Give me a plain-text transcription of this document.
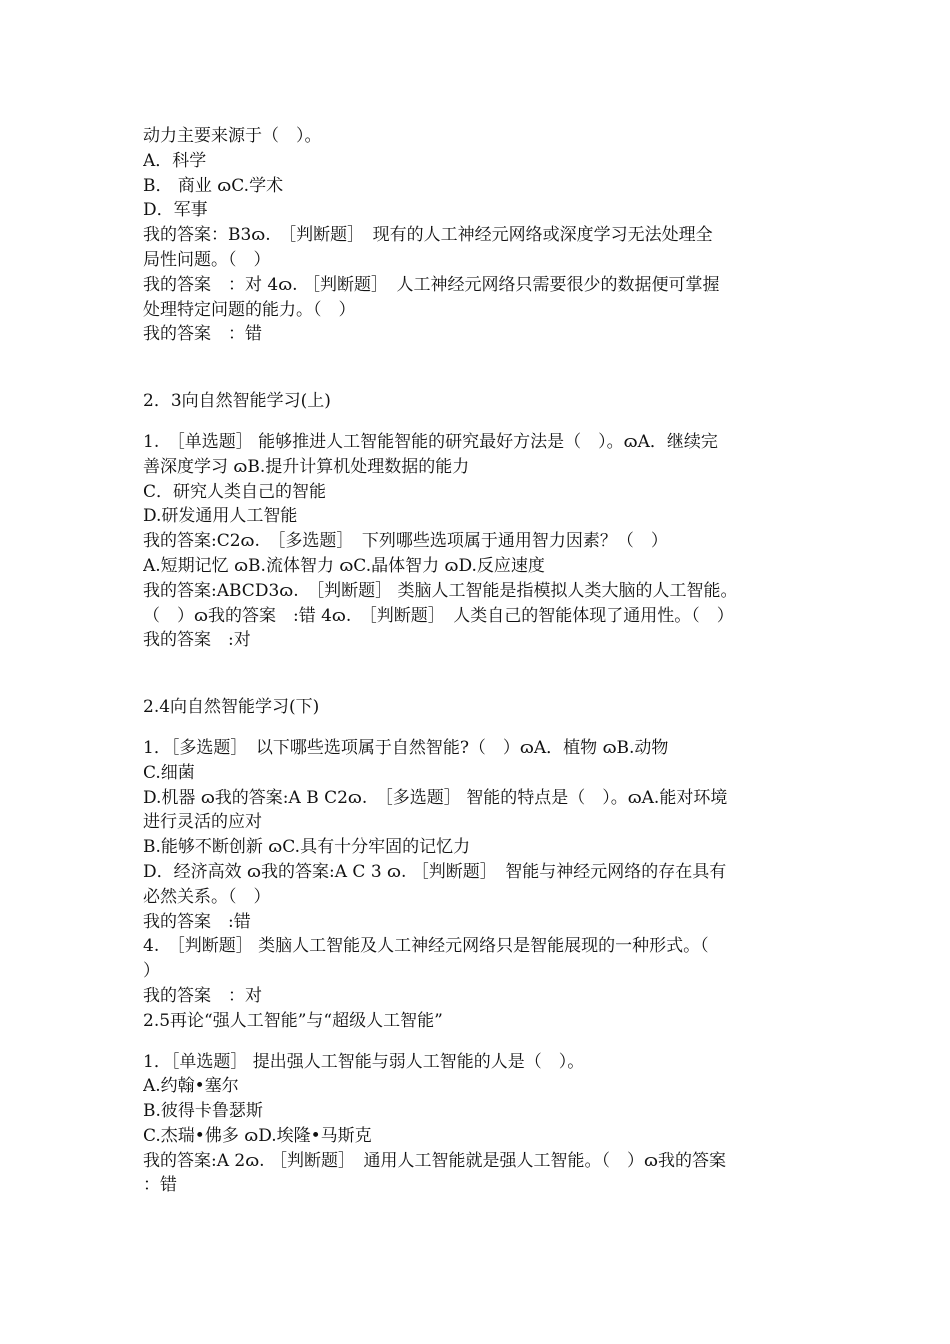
动力主要来源于（　）。
A．科学
B． 商业 ɷC.学术
D．军事
我的答案：B3ɷ.　［判断题］　现有的人工神经元网络或深度学习无法处理全
局性问题。（　）
我的答案　：对 4ɷ. ［判断题］　人工神经元网络只需要很少的数据便可掌握
处理特定问题的能力。（　）
我的答案　：错
2．3向自然智能学习(上)
1.　［单选题］ 能够推进人工智能智能的研究最好方法是（　）。ɷA．继续完
善深度学习 ɷB.提升计算机处理数据的能力
C．研究人类自己的智能
D.研发通用人工智能
我的答案:C2ɷ.　［多选题］　下列哪些选项属于通用智力因素？（　）
A.短期记忆 ɷB.流体智力 ɷC.晶体智力 ɷD.反应速度
我的答案:ABCD3ɷ.　［判断题］ 类脑人工智能是指模拟人类大脑的人工智能。
（　）ɷ我的答案　:错 4ɷ.　［判断题］　人类自己的智能体现了通用性。（　）
我的答案　:对
2.4向自然智能学习(下)
1．［多选题］　以下哪些选项属于自然智能?（　）ɷA．植物 ɷB.动物
C.细菌
D.机器 ɷ我的答案:A B C2ɷ.　［多选题］ 智能的特点是（　）。ɷA.能对环境
进行灵活的应对
B.能够不断创新 ɷC.具有十分牢固的记忆力
D．经济高效 ɷ我的答案:A C 3 ɷ. ［判断题］　智能与神经元网络的存在具有
必然关系。（　）
我的答案　:错
4.　［判断题］ 类脑人工智能及人工神经元网络只是智能展现的一种形式。（
）
我的答案　：对
2.5再论“强人工智能”与“超级人工智能”
1．［单选题］ 提出强人工智能与弱人工智能的人是（　）。
A.约翰•塞尔
B.彼得卡鲁瑟斯
C.杰瑞•佛多 ɷD.埃隆•马斯克
我的答案:A 2ɷ. ［判断题］　通用人工智能就是强人工智能。（　）ɷ我的答案
：错
